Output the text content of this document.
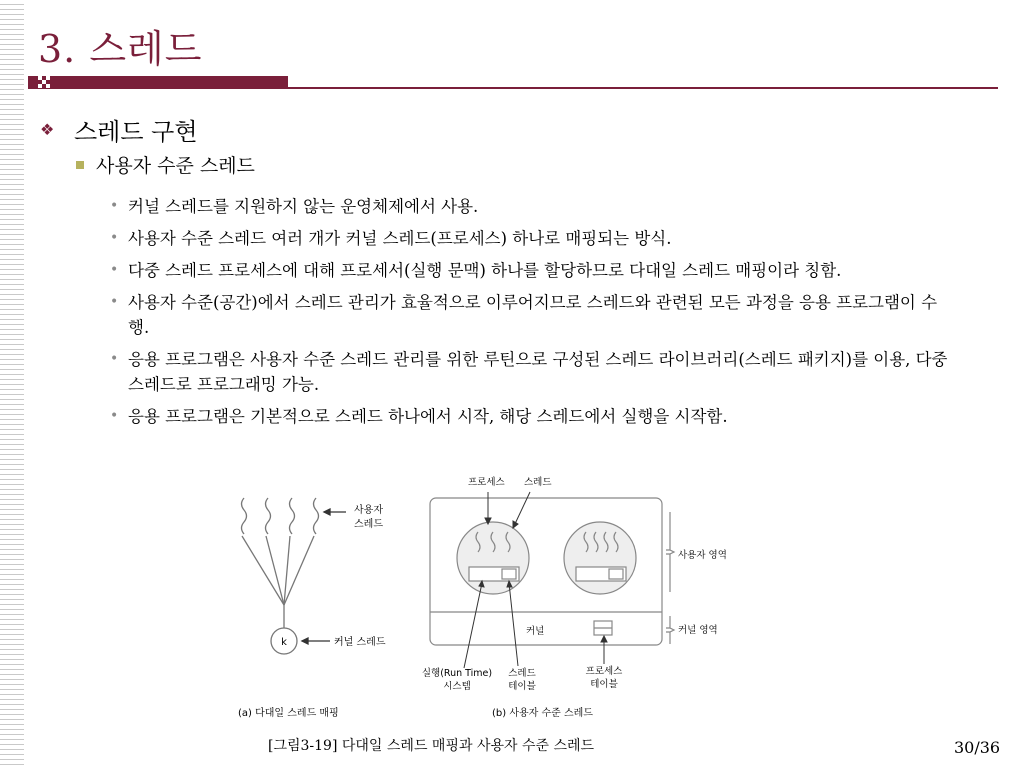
3. 스레드
❖ 스레드 구현
사용자 수준 스레드
• 커널 스레드를 지원하지 않는 운영체제에서 사용.
• 사용자 수준 스레드 여러 개가 커널 스레드(프로세스) 하나로 매핑되는 방식.
• 다중 스레드 프로세스에 대해 프로세서(실행 문맥) 하나를 할당하므로 다대일 스레드 매핑이라 칭함.
• 사용자 수준(공간)에서 스레드 관리가 효율적으로 이루어지므로 스레드와 관련된 모든 과정을 응용 프로그램이 수행.
• 응용 프로그램은 사용자 수준 스레드 관리를 위한 루틴으로 구성된 스레드 라이브러리(스레드 패키지)를 이용, 다중 스레드로 프로그래밍 가능.
• 응용 프로그램은 기본적으로 스레드 하나에서 시작, 해당 스레드에서 실행을 시작함.
k
사용자
스레드
커널 스레드
(a) 다대일 스레드 매핑
프로세스 스레드
사용자 영역
커널	커널 영역
실행(Run Time)
시스템
스레드
테이블
프로세스
테이블
(b) 사용자 수준 스레드
[그림3-19] 다대일 스레드 매핑과 사용자 수준 스레드	30/36
